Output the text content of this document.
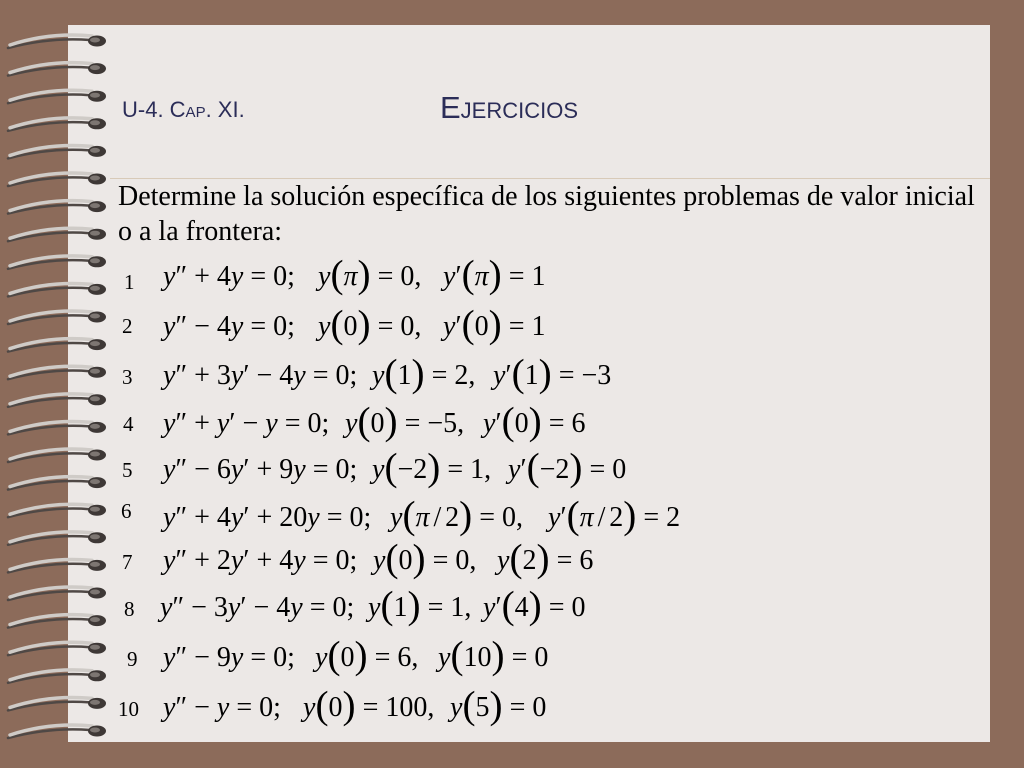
U-4. Cap. XI.	Ejercicios
Determine la solución específica de los siguientes problemas de valor inicial
o a la frontera:
1 y″ + 4y = 0; y(π) = 0, y′(π) = 1
2 y″ − 4y = 0; y(0) = 0, y′(0) = 1
3 y″ + 3y′ − 4y = 0; y(1) = 2, y′(1) = −3
4 y″ + y′ − y = 0; y(0) = −5, y′(0) = 6
5 y″ − 6y′ + 9y = 0; y(−2) = 1, y′(−2) = 0
6 y″ + 4y′ + 20y = 0; y(π / 2) = 0, y′(π / 2) = 2
7 y″ + 2y′ + 4y = 0; y(0) = 0, y(2) = 6
8 y″ − 3y′ − 4y = 0; y(1) = 1, y′(4) = 0
9 y″ − 9y = 0; y(0) = 6, y(10) = 0
10 y″ − y = 0; y(0) = 100, y(5) = 0
